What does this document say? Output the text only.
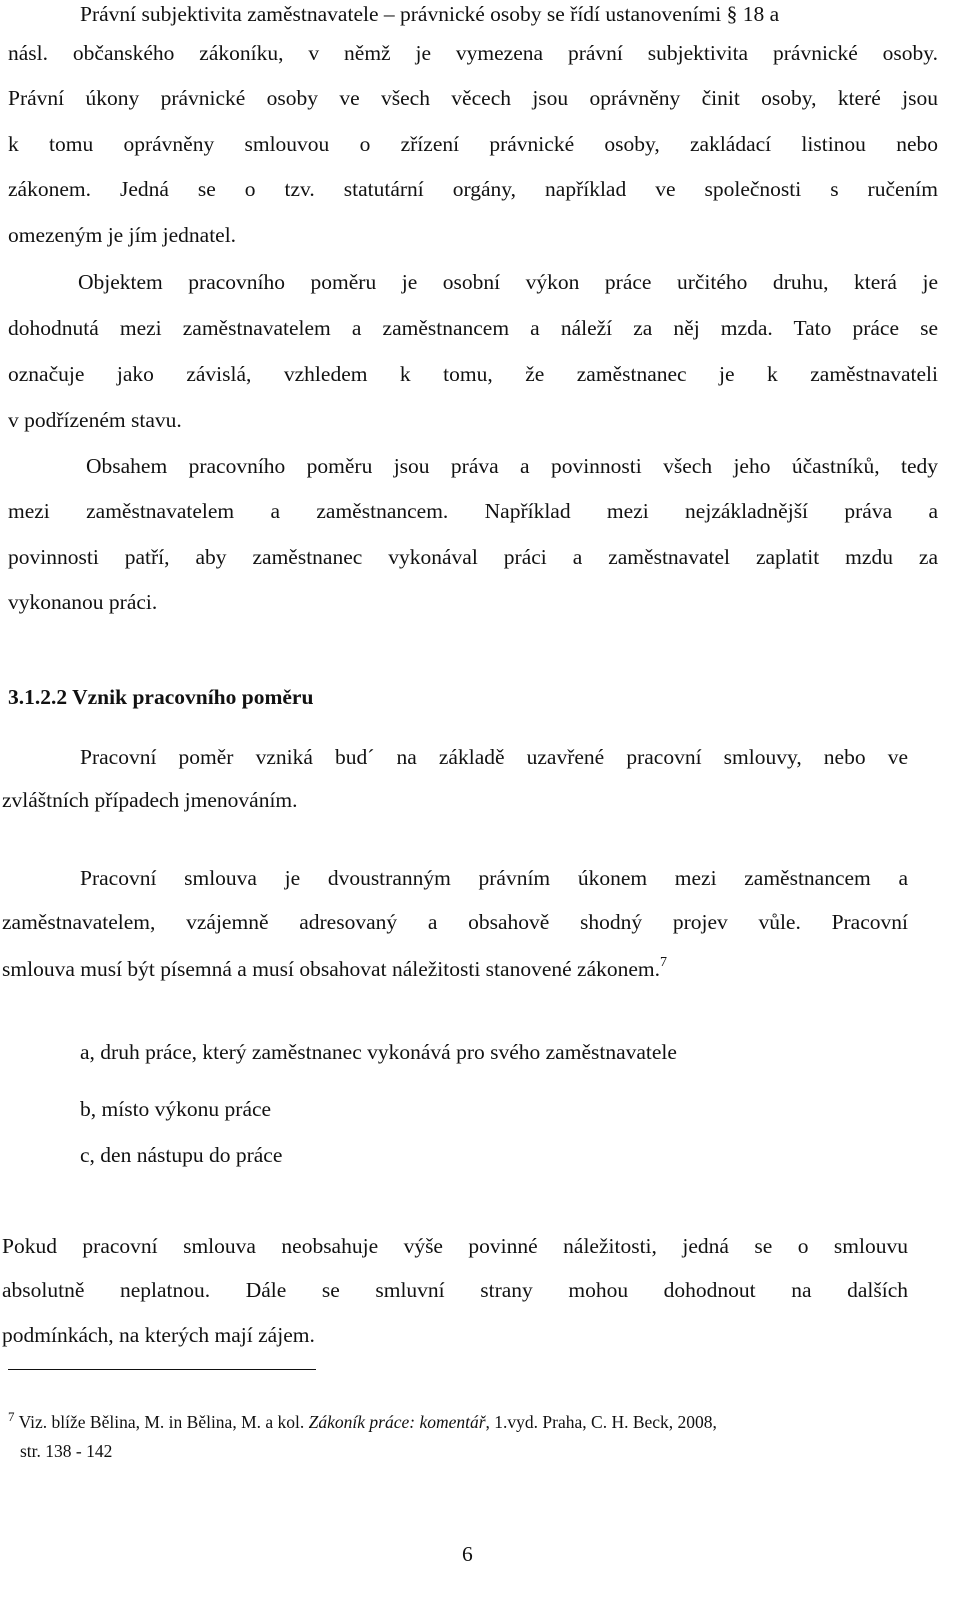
Právní subjektivita zaměstnavatele – právnické osoby se řídí ustanoveními § 18 a
násl. občanského zákoníku, v němž je vymezena právní subjektivita právnické osoby.
Právní úkony právnické osoby ve všech věcech jsou oprávněny činit osoby, které jsou
k tomu oprávněny smlouvou o zřízení právnické osoby, zakládací listinou nebo
zákonem. Jedná se o tzv. statutární orgány, například ve společnosti s ručením
omezeným je jím jednatel.
Objektem pracovního poměru je osobní výkon práce určitého druhu, která je
dohodnutá mezi zaměstnavatelem a zaměstnancem a náleží za něj mzda. Tato práce se
označuje jako závislá, vzhledem k tomu, že zaměstnanec je k zaměstnavateli
v podřízeném stavu.
Obsahem pracovního poměru jsou práva a povinnosti všech jeho účastníků, tedy
mezi zaměstnavatelem a zaměstnancem. Například mezi nejzákladnější práva a
povinnosti patří, aby zaměstnanec vykonával práci a zaměstnavatel zaplatit mzdu za
vykonanou práci.
3.1.2.2 Vznik pracovního poměru
Pracovní poměr vzniká bud´ na základě uzavřené pracovní smlouvy, nebo ve
zvláštních případech jmenováním.
Pracovní smlouva je dvoustranným právním úkonem mezi zaměstnancem a
zaměstnavatelem, vzájemně adresovaný a obsahově shodný projev vůle. Pracovní
smlouva musí být písemná a musí obsahovat náležitosti stanovené zákonem.$^7$
a, druh práce, který zaměstnanec vykonává pro svého zaměstnavatele
b, místo výkonu práce
c, den nástupu do práce
Pokud pracovní smlouva neobsahuje výše povinné náležitosti, jedná se o smlouvu
absolutně neplatnou. Dále se smluvní strany mohou dohodnout na dalších
podmínkách, na kterých mají zájem.
$^7$ Viz. blíže Bělina, M. in Bělina, M. a kol. Zákoník práce: komentář, 1.vyd. Praha, C. H. Beck, 2008,
str. 138 - 142
6
